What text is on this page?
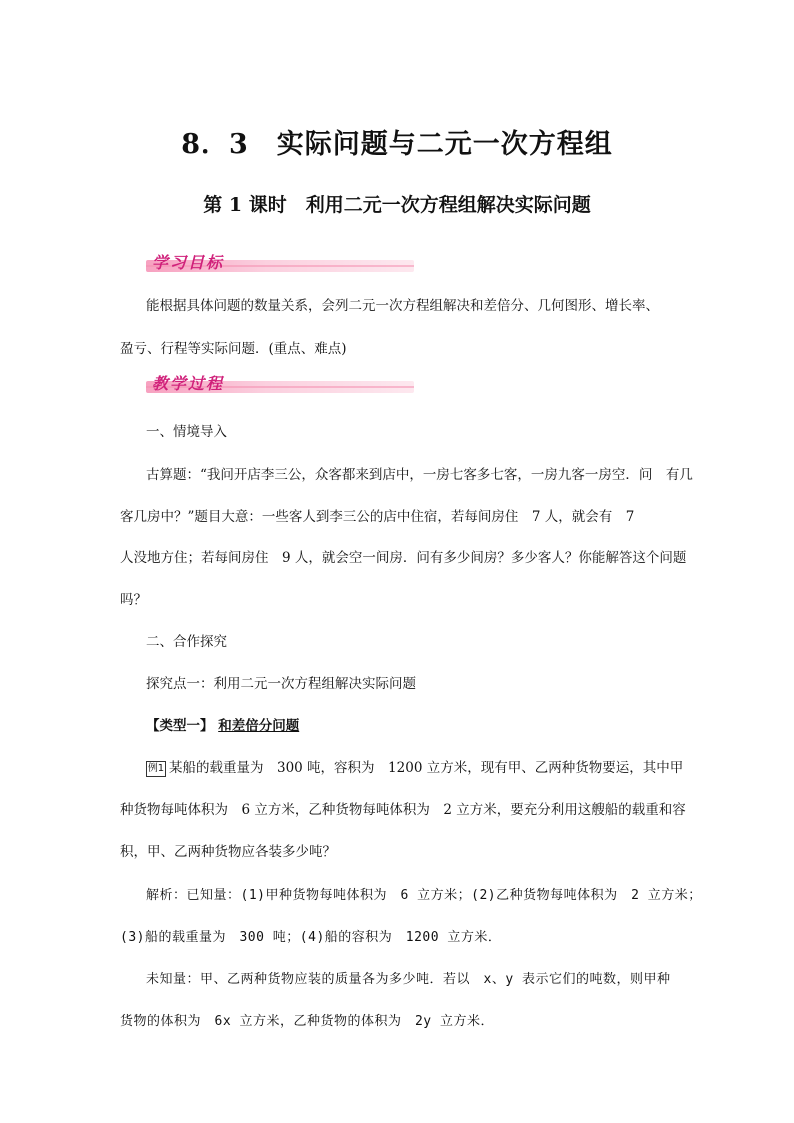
8．3　实际问题与二元一次方程组
第 1 课时　利用二元一次方程组解决实际问题
学习目标
能根据具体问题的数量关系，会列二元一次方程组解决和差倍分、几何图形、增长率、
盈亏、行程等实际问题．(重点、难点)
教学过程
一、情境导入
古算题：“我问开店李三公，众客都来到店中，一房七客多七客，一房九客一房空．问　有几
客几房中？”题目大意：一些客人到李三公的店中住宿，若每间房住　7 人，就会有　7
人没地方住；若每间房住　9 人，就会空一间房．问有多少间房？多少客人？你能解答这个问题
吗？
二、合作探究
探究点一：利用二元一次方程组解决实际问题
【类型一】 和差倍分问题
例1 某船的载重量为　300 吨，容积为　1200 立方米，现有甲、乙两种货物要运，其中甲
种货物每吨体积为　6 立方米，乙种货物每吨体积为　2 立方米，要充分利用这艘船的载重和容
积，甲、乙两种货物应各装多少吨？
解析：已知量：(1)甲种货物每吨体积为　6 立方米；(2)乙种货物每吨体积为　2 立方米；
(3)船的载重量为　300 吨；(4)船的容积为　1200 立方米．
未知量：甲、乙两种货物应装的质量各为多少吨．若以　x、y 表示它们的吨数，则甲种
货物的体积为　6x 立方米，乙种货物的体积为　2y 立方米．
